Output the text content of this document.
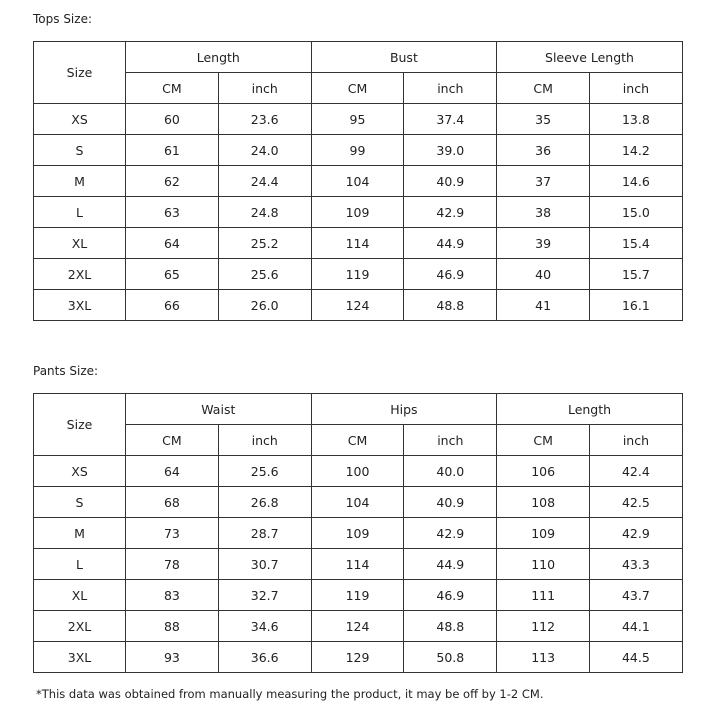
Tops Size:
Size	Length		Bust		Sleeve Length	
	CM	inch	CM	inch	CM	inch
XS	60	23.6	95	37.4	35	13.8
S	61	24.0	99	39.0	36	14.2
M	62	24.4	104	40.9	37	14.6
L	63	24.8	109	42.9	38	15.0
XL	64	25.2	114	44.9	39	15.4
2XL	65	25.6	119	46.9	40	15.7
3XL	66	26.0	124	48.8	41	16.1
Pants Size:
Size	Waist		Hips		Length	
	CM	inch	CM	inch	CM	inch
XS	64	25.6	100	40.0	106	42.4
S	68	26.8	104	40.9	108	42.5
M	73	28.7	109	42.9	109	42.9
L	78	30.7	114	44.9	110	43.3
XL	83	32.7	119	46.9	111	43.7
2XL	88	34.6	124	48.8	112	44.1
3XL	93	36.6	129	50.8	113	44.5
*This data was obtained from manually measuring the product, it may be off by 1-2 CM.
